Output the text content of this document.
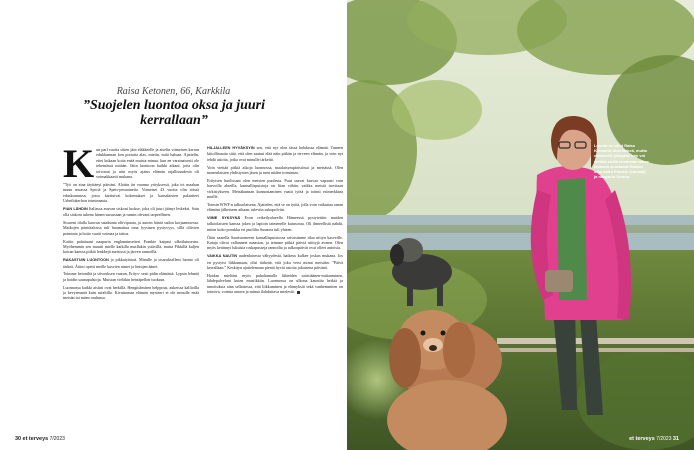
Raisa Ketonen, 66, Karkkila
”Suojelen luontoa oksa ja juuri kerrallaan”

Kun parl vuotta sitten jäin eläkkeelle ja aiselin viimeisen kerran edukkunnan kon portaita alas, mietin, mitä haluan. Ajattelin, ettei kukaan koita enää muista minua, kun en varsinaisesti ole tekemässä mitään. Jätin luontoon kaikki aikani, joita olin toivonut ja niin myös ajatus elämän rajallisuudesta oli voimakkaasti mukana.

”Työ on aina täyttänyt päiväni. Aloitin ön vuonna yrityksessä, joka toi maahan muun muassa Spiciä ja Spets-pesuaineita. Viimeiset 43 vuotta olin töissä eduskunnassa, jossa karttuivat kokemukset ja kansalaisten palautteet Urheilukerhon toiminnasta.

PIAN LÄHDIN Italiassa asuvan siskoni luokse, joka oli juuri jäänyt leskeksi. Sain olla siskoni tukena hänen surussaan ja tunsin olevani tarpeellinen.

Sisareni tilalla kaavan satakunta oliivipuuta, ja autoin häntä sadon korjaamisessa. Matkojen pöntötalossa tuli huomattua oma fyysinen pystyvyys, sillä oliivien poiminta ja hoito vaatii voimaa ja taitoa.

Kotiin palattuani naapurin englanninsetteri Frankie kaipasi ulkoilutuseura. Myöhemmin sen muutti mielle kaikilla muillakin ystävillä, mutta Pikkillä kuljen koiran kanssa pitkiä lenkkejä metsissä ja järven rannoilla.

RAKASTUIN LUONTOON jo pikkutyttönä. Minulle ja sisarukselleni luonto oli tärkeä. Äitini opetti meille kasvien nimet ja lintujen äänet.

Toimme betoniltä ja siivouksen vaaran, Eritys- sesti pidin elämästä. Lypsin lehmiä ja hoidin saunapalstoja. Muistan vieläkin heinäpellon tuoksun.

Luonnossa kaikki aistini ovat herkillä. Hengittämisen helppous, aukeissa kallioilla ja kevyemmät kuin asfaltilla. Kivuttoman elämän mysteeri ei ole minulle enää metsän tai mäen rauhassa.

HILJALLEEN HYVÄKSYIN sen, että nyt olen tässä kohdassa elämää. Tunnen kiitollisuutta siitä, että olen saanut elää näin pitkän ja terveen elämän, ja voin nyt tehdä asioita, jotka ovat minulle tärkeitä.

Voin viettää pitkiä aikoja luonnossa, maalaisympäristössä ja metsässä. Olen monenlaisten yhdistysten jäsen ja tuen niiden toimintaa.

Erityisen huolissani olen metsien puolesta. Puut saavat kasvaa vapaasti vain harvoilla alueilla, kunnallispuistoja on liian vähän, vaikka metsiä tarvitaan virkistykseen. Metsäkunnan kunnostaminen vaatii työtä ja toimii esimerkkinä muille.

Toimin WWF:n talkoolaisena. Ajattelen, että se on työtä, jolla voin vaikuttaa oman elämäni jälkeiseen aikaan, tuleviin sukupolviin.

VIIME SYKSYNÄ Evon retkeilyalueella Hämeessä pystytettiin muiden talkoolaisten kanssa jokea ja lapioin taimenelle kutusoraa. Oli ihmeellistä nähdä, miten koko porukka eri puolilta Suomea tuli yhteen.

Ötön saarella Saaristomeren kansallispuistossa raivasimme tilaa niityn kasveille. Kataja olivat vallanneet maaston, ja teimme pitkiä päiviä niittyjä avaten. Olen myös kerännyt lukuisia roskapusseja rannoilta ja talkoopäivät ovat olleet antoisia.

VAIKKA NAUTIN uudenlaisesta vähyydestä, haikeus kulkee joskus mukana. Jos en pystyisi liikkumaan, olisi tärkeää, että joku veisi minut metsään. ”Päivä kerrallaan.” Keskityn ajattelemaan pieniä hyviä asioita jokaisena päivänä.

Hoidan mieltäni myös puhaltamalla lähteiden sointiäänen-mittaaminen, lähdepalveluni kuten musiikkiin. Luonnossa on ulkona kauniita hetkiä ja innoituksia aina sellaisessa, että liikkuminen ja elämyksiä sekä vanhemmiten on toimiva, voimia antava ja minua ilahduttava mielestä.

30 et terveys 7/2023
Luonto on ollut Raisa Ketoselle aina tärkeä, mutta eläkkeelle jäätyään hän voi viettää siellä enemmän aikaa. Mukana seuraavat Raisan oma koira Frankie (edessä) ja naapurin Donna.
et terveys 7/2023 31
